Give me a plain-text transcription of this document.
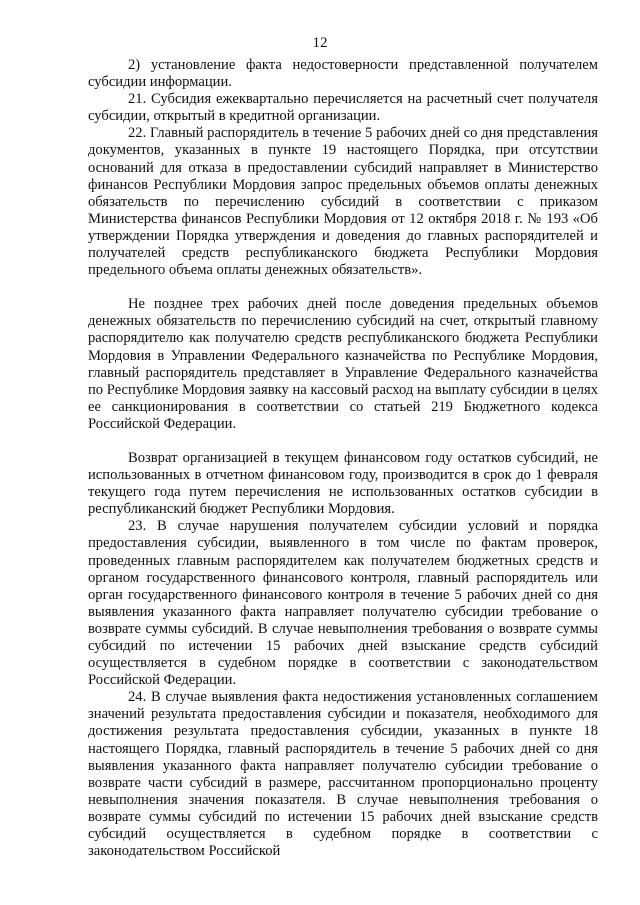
12

2) установление факта недостоверности представленной получателем субсидии информации.

21. Субсидия ежеквартально перечисляется на расчетный счет получателя субсидии, открытый в кредитной организации.

22. Главный распорядитель в течение 5 рабочих дней со дня представления документов, указанных в пункте 19 настоящего Порядка, при отсутствии оснований для отказа в предоставлении субсидий направляет в Министерство финансов Республики Мордовия запрос предельных объемов оплаты денежных обязательств по перечислению субсидий в соответствии с приказом Министерства финансов Республики Мордовия от 12 октября 2018 г. № 193 «Об утверждении Порядка утверждения и доведения до главных распорядителей и получателей средств республиканского бюджета Республики Мордовия предельного объема оплаты денежных обязательств».

Не позднее трех рабочих дней после доведения предельных объемов денежных обязательств по перечислению субсидий на счет, открытый главному распорядителю как получателю средств республиканского бюджета Республики Мордовия в Управлении Федерального казначейства по Республике Мордовия, главный распорядитель представляет в Управление Федерального казначейства по Республике Мордовия заявку на кассовый расход на выплату субсидии в целях ее санкционирования в соответствии со статьей 219 Бюджетного кодекса Российской Федерации.

Возврат организацией в текущем финансовом году остатков субсидий, не использованных в отчетном финансовом году, производится в срок до 1 февраля текущего года путем перечисления не использованных остатков субсидии в республиканский бюджет Республики Мордовия.

23. В случае нарушения получателем субсидии условий и порядка предоставления субсидии, выявленного в том числе по фактам проверок, проведенных главным распорядителем как получателем бюджетных средств и органом государственного финансового контроля, главный распорядитель или орган государственного финансового контроля в течение 5 рабочих дней со дня выявления указанного факта направляет получателю субсидии требование о возврате суммы субсидий. В случае невыполнения требования о возврате суммы субсидий по истечении 15 рабочих дней взыскание средств субсидий осуществляется в судебном порядке в соответствии с законодательством Российской Федерации.

24. В случае выявления факта недостижения установленных соглашением значений результата предоставления субсидии и показателя, необходимого для достижения результата предоставления субсидии, указанных в пункте 18 настоящего Порядка, главный распорядитель в течение 5 рабочих дней со дня выявления указанного факта направляет получателю субсидии требование о возврате части субсидий в размере, рассчитанном пропорционально проценту невыполнения значения показателя. В случае невыполнения требования о возврате суммы субсидий по истечении 15 рабочих дней взыскание средств субсидий осуществляется в судебном порядке в соответствии с законодательством Российской
